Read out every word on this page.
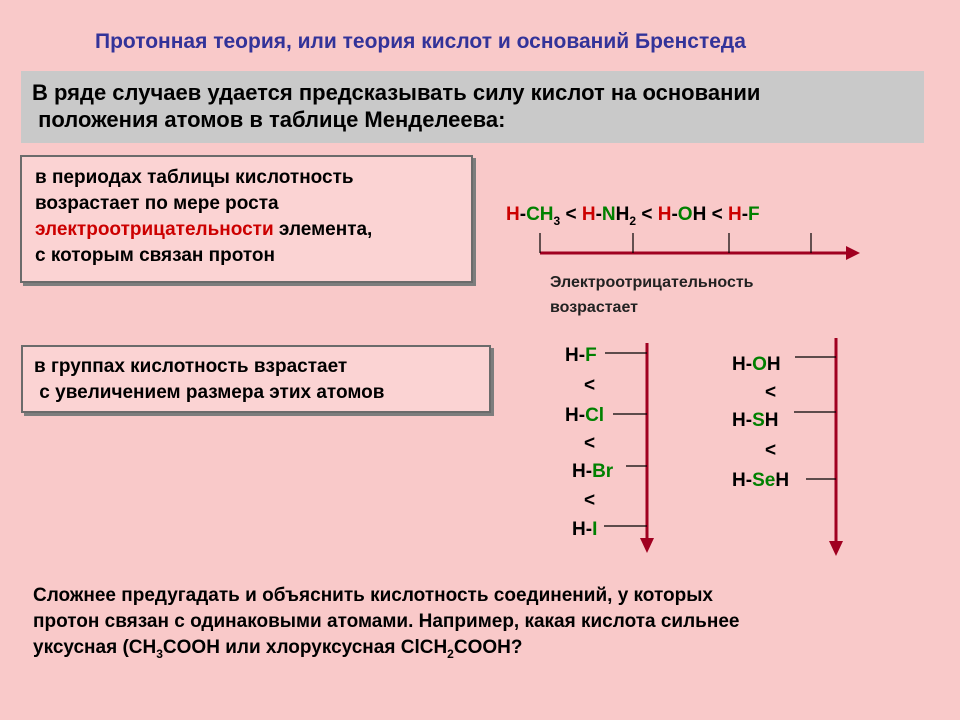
Протонная теория, или теория кислот и оснований Бренстеда
В ряде случаев удается предсказывать силу кислот на основании
положения атомов в таблице Менделеева:
в периодах таблицы кислотность
возрастает по мере роста
электроотрицательности элемента,
с которым связан протон
$H-CH_3 < H-NH_2 < H-OH < H-F$
Электроотрицательность
возрастает
в группах кислотность взрастает
с увеличением размера этих атомов
H-F
<
H-Cl
<
H-Br
<
H-I
H-OH
<
H-SH
<
H-SeH
Сложнее предугадать и объяснить кислотность соединений, у которых
протон связан с одинаковыми атомами. Например, какая кислота сильнее
уксусная ($CH_3COOH$ или хлоруксусная ClCH$_2$COOH?
